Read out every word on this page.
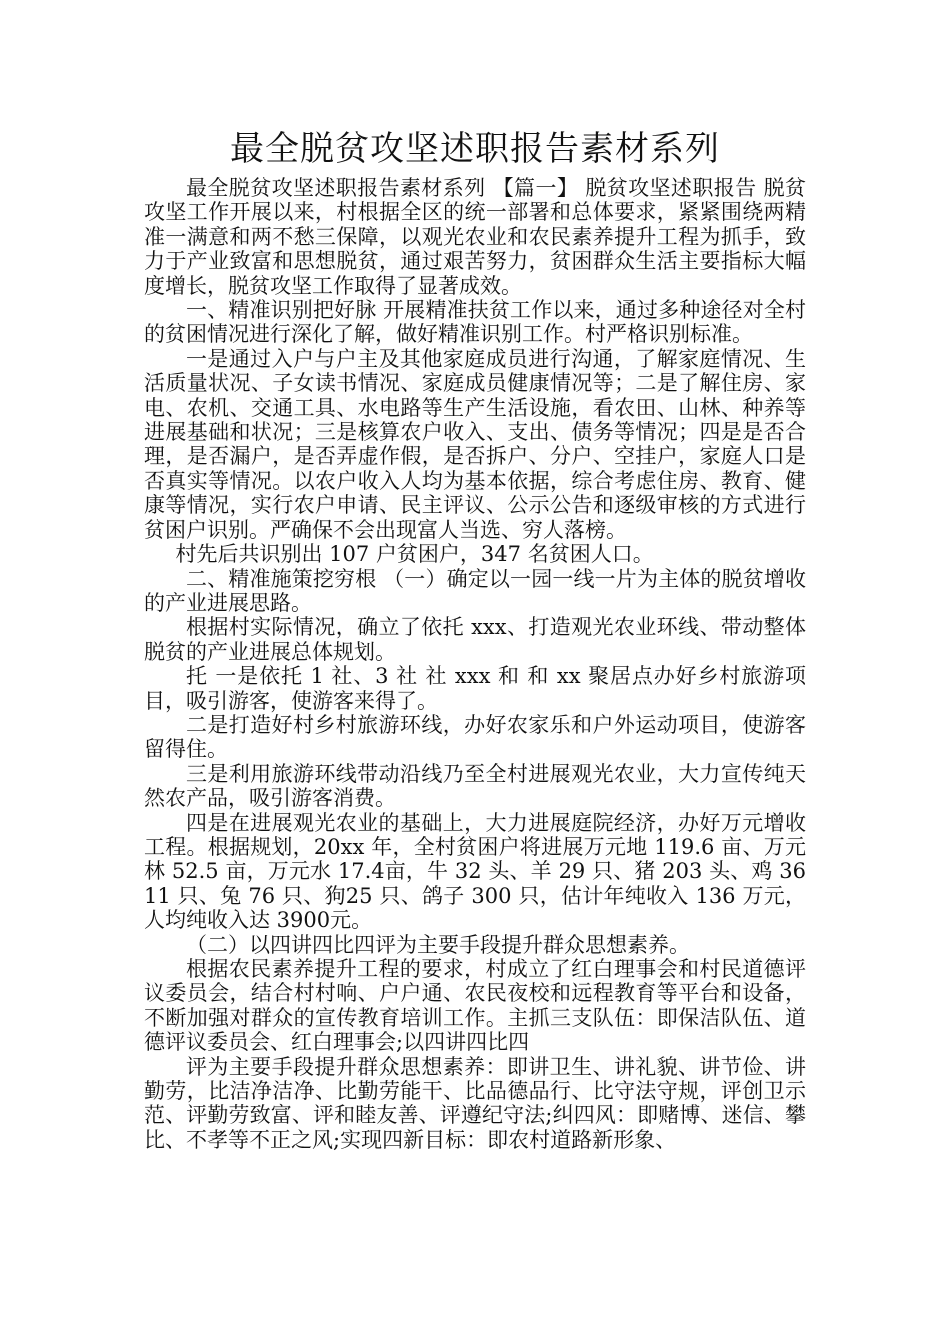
最全脱贫攻坚述职报告素材系列

最全脱贫攻坚述职报告素材系列 【篇一】 脱贫攻坚述职报告 脱贫攻坚工作开展以来，村根据全区的统一部署和总体要求，紧紧围绕两精准一满意和两不愁三保障，以观光农业和农民素养提升工程为抓手，致力于产业致富和思想脱贫，通过艰苦努力，贫困群众生活主要指标大幅度增长，脱贫攻坚工作取得了显著成效。

一、精准识别把好脉 开展精准扶贫工作以来，通过多种途径对全村的贫困情况进行深化了解，做好精准识别工作。村严格识别标准。

一是通过入户与户主及其他家庭成员进行沟通，了解家庭情况、生活质量状况、子女读书情况、家庭成员健康情况等；二是了解住房、家电、农机、交通工具、水电路等生产生活设施，看农田、山林、种养等进展基础和状况；三是核算农户收入、支出、债务等情况；四是是否合理，是否漏户，是否弄虚作假，是否拆户、分户、空挂户，家庭人口是否真实等情况。以农户收入人均为基本依据，综合考虑住房、教育、健康等情况，实行农户申请、民主评议、公示公告和逐级审核的方式进行贫困户识别。严确保不会出现富人当选、穷人落榜。

村先后共识别出 107 户贫困户，347 名贫困人口。

二、精准施策挖穷根 （一）确定以一园一线一片为主体的脱贫增收的产业进展思路。

根据村实际情况，确立了依托 xxx、打造观光农业环线、带动整体脱贫的产业进展总体规划。

托 一是依托 1 社、3 社 社 xxx 和 和 xx 聚居点办好乡村旅游项目，吸引游客，使游客来得了。

二是打造好村乡村旅游环线，办好农家乐和户外运动项目，使游客留得住。

三是利用旅游环线带动沿线乃至全村进展观光农业，大力宣传纯天然农产品，吸引游客消费。

四是在进展观光农业的基础上，大力进展庭院经济，办好万元增收工程。根据规划，20xx 年，全村贫困户将进展万元地 119.6 亩、万元林 52.5 亩，万元水 17.4亩，牛 32 头、羊 29 只、猪 203 头、鸡 3611 只、兔 76 只、狗25 只、鸽子 300 只，估计年纯收入 136 万元，人均纯收入达 3900元。

（二）以四讲四比四评为主要手段提升群众思想素养。

根据农民素养提升工程的要求，村成立了红白理事会和村民道德评议委员会，结合村村响、户户通、农民夜校和远程教育等平台和设备，不断加强对群众的宣传教育培训工作。主抓三支队伍：即保洁队伍、道德评议委员会、红白理事会;以四讲四比四

评为主要手段提升群众思想素养：即讲卫生、讲礼貌、讲节俭、讲勤劳，比洁净洁净、比勤劳能干、比品德品行、比守法守规，评创卫示范、评勤劳致富、评和睦友善、评遵纪守法;纠四风：即赌博、迷信、攀比、不孝等不正之风;实现四新目标：即农村道路新形象、
